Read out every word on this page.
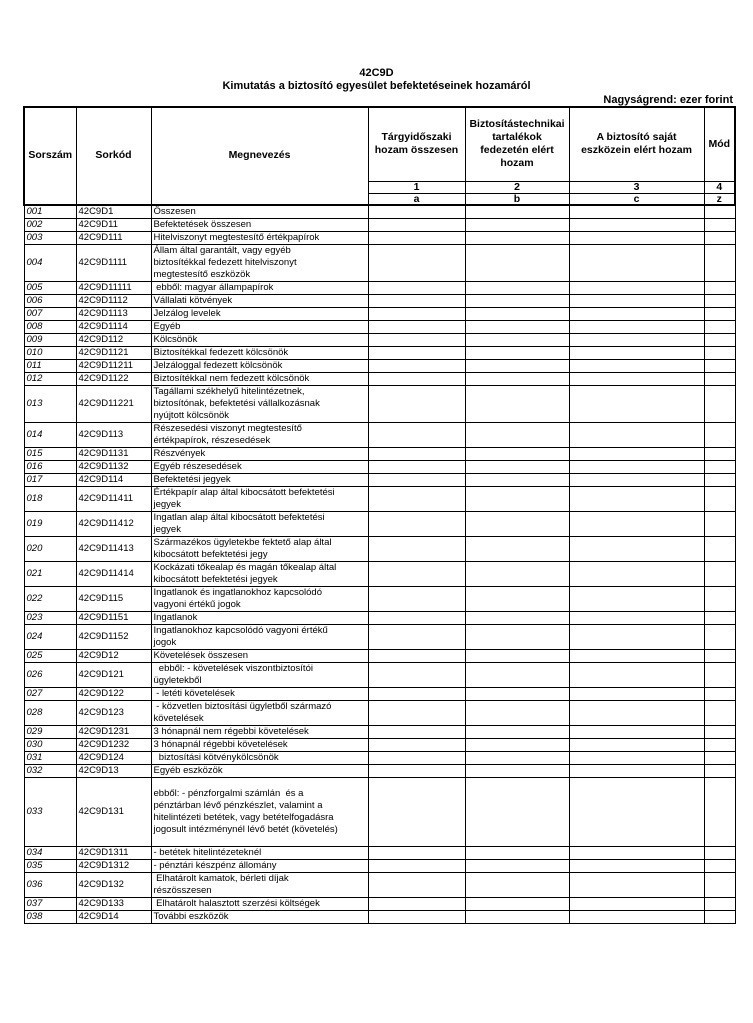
42C9D
Kimutatás a biztosító egyesület befektetéseinek hozamáról
Nagyságrend: ezer forint
Sorszám	Sorkód	Megnevezés	Tárgyidőszaki hozam összesen	Biztosítástechnikai tartalékok fedezetén elért hozam	A biztosító saját eszközein elért hozam	Mód
			1	2	3	4
			a	b	c	z
001	42C9D1	Összesen				
002	42C9D11	Befektetések összesen				
003	42C9D111	Hitelviszonyt megtestesítő értékpapírok				
004	42C9D1111	Állam által garantált, vagy egyéb
biztosítékkal fedezett hitelviszonyt
megtestesítő eszközök				
005	42C9D11111	ebből: magyar állampapírok				
006	42C9D1112	Vállalati kötvények				
007	42C9D1113	Jelzálog levelek				
008	42C9D1114	Egyéb				
009	42C9D112	Kölcsönök				
010	42C9D1121	Biztosítékkal fedezett kölcsönök				
011	42C9D11211	Jelzáloggal fedezett kölcsönök				
012	42C9D1122	Biztosítékkal nem fedezett kölcsönök				
013	42C9D11221	Tagállami székhelyű hitelintézetnek,
biztosítónak, befektetési vállalkozásnak
nyújtott kölcsönök				
014	42C9D113	Részesedési viszonyt megtestesítő
értékpapírok, részesedések				
015	42C9D1131	Részvények				
016	42C9D1132	Egyéb részesedések				
017	42C9D114	Befektetési jegyek				
018	42C9D11411	Értékpapír alap által kibocsátott befektetési
jegyek				
019	42C9D11412	Ingatlan alap által kibocsátott befektetési
jegyek				
020	42C9D11413	Származékos ügyletekbe fektető alap által
kibocsátott befektetési jegy				
021	42C9D11414	Kockázati tőkealap és magán tőkealap által
kibocsátott befektetési jegyek				
022	42C9D115	Ingatlanok és ingatlanokhoz kapcsolódó
vagyoni értékű jogok				
023	42C9D1151	Ingatlanok				
024	42C9D1152	Ingatlanokhoz kapcsolódó vagyoni értékű
jogok				
025	42C9D12	Követelések összesen				
026	42C9D121	ebből: - követelések viszontbiztosítói
ügyletekből				
027	42C9D122	- letéti követelések				
028	42C9D123	- közvetlen biztosítási ügyletből származó
követelések				
029	42C9D1231	3 hónapnál nem régebbi követelések				
030	42C9D1232	3 hónapnál régebbi követelések				
031	42C9D124	biztosítási kötvénykölcsönök				
032	42C9D13	Egyéb eszközök				
033	42C9D131	ebből: - pénzforgalmi számlán  és a
pénztárban lévő pénzkészlet, valamint a
hitelintézeti betétek, vagy betételfogadásra
jogosult intézménynél lévő betét (követelés)				
034	42C9D1311	- betétek hitelintézeteknél				
035	42C9D1312	- pénztári készpénz állomány				
036	42C9D132	Elhatárolt kamatok, bérleti díjak
részösszesen				
037	42C9D133	Elhatárolt halasztott szerzési költségek				
038	42C9D14	További eszközök				
